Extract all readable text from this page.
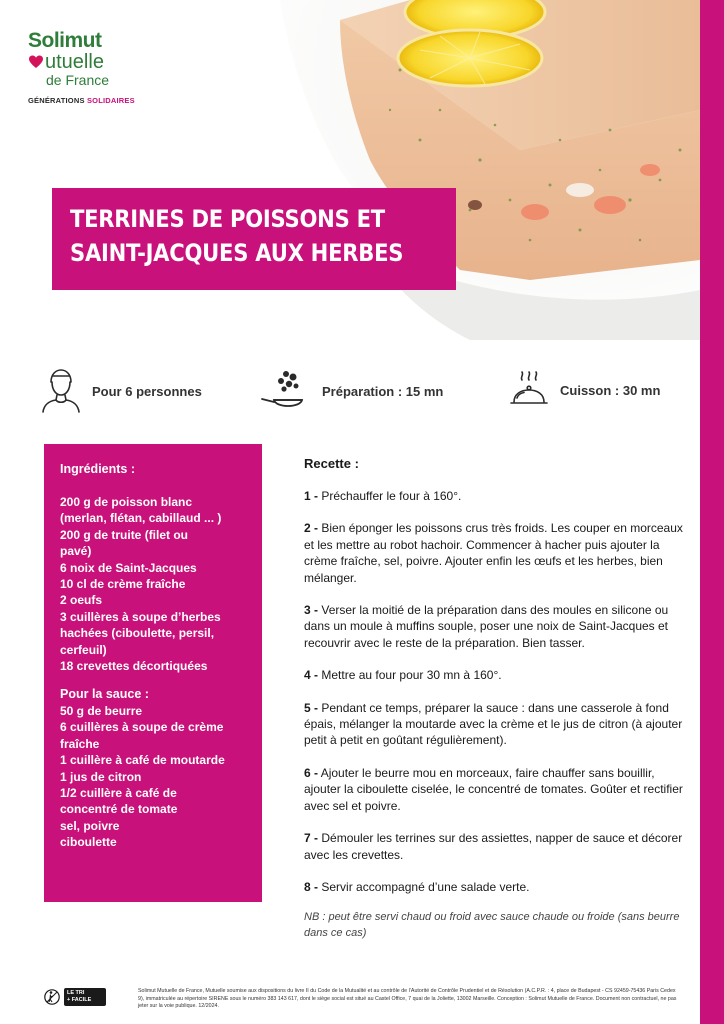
Solimut
utuelle
de France
GÉNÉRATIONS SOLIDAIRES
TERRINES DE POISSONS ET SAINT-JACQUES AUX HERBES
Pour 6 personnes	Préparation : 15 mn	Cuisson : 30 mn
Ingrédients :
200 g de poisson blanc
(merlan, flétan, cabillaud ... )
200 g de truite (filet ou
pavé)
6 noix de Saint-Jacques
10 cl de crème fraîche
2 oeufs
3 cuillères à soupe d’herbes
hachées (ciboulette, persil,
cerfeuil)
18 crevettes décortiquées
Pour la sauce :
50 g de beurre
6 cuillères à soupe de crème
fraîche
1 cuillère à café de moutarde
1 jus de citron
1/2 cuillère à café de
concentré de tomate
sel, poivre
ciboulette
Recette :

1 - Préchauffer le four à 160°.

2 - Bien éponger les poissons crus très froids. Les couper en morceaux et les mettre au robot hachoir. Commencer à hacher puis ajouter la crème fraîche, sel, poivre. Ajouter enfin les œufs et les herbes, bien mélanger.

3 - Verser la moitié de la préparation dans des moules en silicone ou dans un moule à muffins souple, poser une noix de Saint-Jacques et recouvrir avec le reste de la préparation. Bien tasser.

4 - Mettre au four pour 30 mn à 160°.

5 - Pendant ce temps, préparer la sauce : dans une casserole à fond épais, mélanger la moutarde avec la crème et le jus de citron (à ajouter petit à petit en goûtant régulièrement).

6 - Ajouter le beurre mou en morceaux, faire chauffer sans bouillir, ajouter la ciboulette ciselée, le concentré de tomates. Goûter et rectifier avec sel et poivre.

7 - Démouler les terrines sur des assiettes, napper de sauce et décorer avec les crevettes.

8 - Servir accompagné d’une salade verte.

NB : peut être servi chaud ou froid avec sauce chaude ou froide (sans beurre dans ce cas)

LE TRI
+ FACILE
Solimut Mutuelle de France, Mutuelle soumise aux dispositions du livre II du Code de la Mutualité et au contrôle de l’Autorité de Contrôle Prudentiel et de Résolution (A.C.P.R. : 4, place de Budapest - CS 92459-75436 Paris Cedex 9), immatriculée au répertoire SIRENE sous le numéro 383 143 617, dont le siège social est situé au Castel Office, 7 quai de la Joliette, 13002 Marseille. Conception : Solimut Mutuelle de France. Document non contractuel, ne pas jeter sur la voie publique. 12/2024.
